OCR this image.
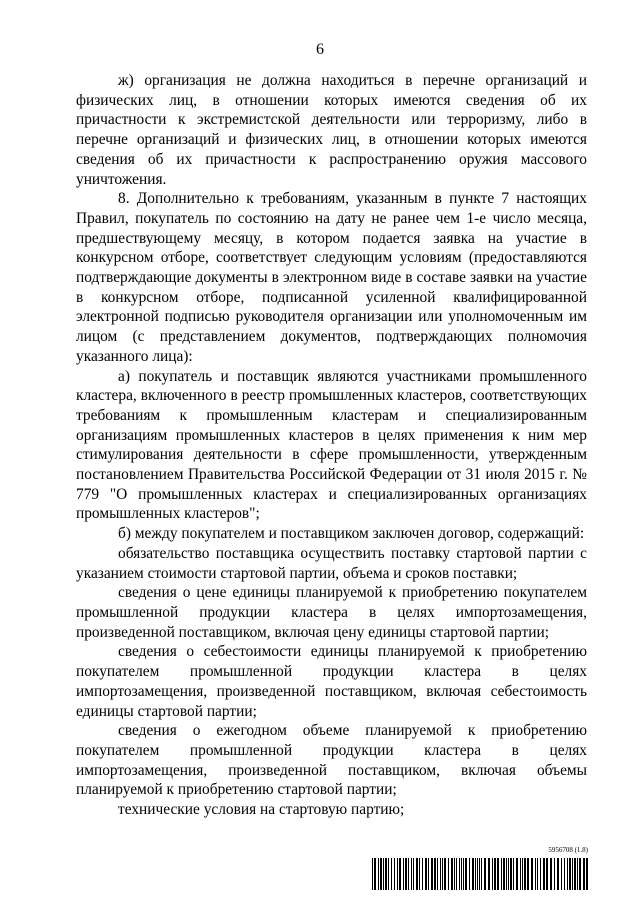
6

ж) организация не должна находиться в перечне организаций и физических лиц, в отношении которых имеются сведения об их причастности к экстремистской деятельности или терроризму, либо в перечне организаций и физических лиц, в отношении которых имеются сведения об их причастности к распространению оружия массового уничтожения.

8. Дополнительно к требованиям, указанным в пункте 7 настоящих Правил, покупатель по состоянию на дату не ранее чем 1-е число месяца, предшествующему месяцу, в котором подается заявка на участие в конкурсном отборе, соответствует следующим условиям (предоставляются подтверждающие документы в электронном виде в составе заявки на участие в конкурсном отборе, подписанной усиленной квалифицированной электронной подписью руководителя организации или уполномоченным им лицом (с представлением документов, подтверждающих полномочия указанного лица):

а) покупатель и поставщик являются участниками промышленного кластера, включенного в реестр промышленных кластеров, соответствующих требованиям к промышленным кластерам и специализированным организациям промышленных кластеров в целях применения к ним мер стимулирования деятельности в сфере промышленности, утвержденным постановлением Правительства Российской Федерации от 31 июля 2015 г. № 779 "О промышленных кластерах и специализированных организациях промышленных кластеров";

б) между покупателем и поставщиком заключен договор, содержащий:

обязательство поставщика осуществить поставку стартовой партии с указанием стоимости стартовой партии, объема и сроков поставки;

сведения о цене единицы планируемой к приобретению покупателем промышленной продукции кластера в целях импортозамещения, произведенной поставщиком, включая цену единицы стартовой партии;

сведения о себестоимости единицы планируемой к приобретению покупателем промышленной продукции кластера в целях импортозамещения, произведенной поставщиком, включая себестоимость единицы стартовой партии;

сведения о ежегодном объеме планируемой к приобретению покупателем промышленной продукции кластера в целях импортозамещения, произведенной поставщиком, включая объемы планируемой к приобретению стартовой партии;

технические условия на стартовую партию;

5956708 (1.8)
